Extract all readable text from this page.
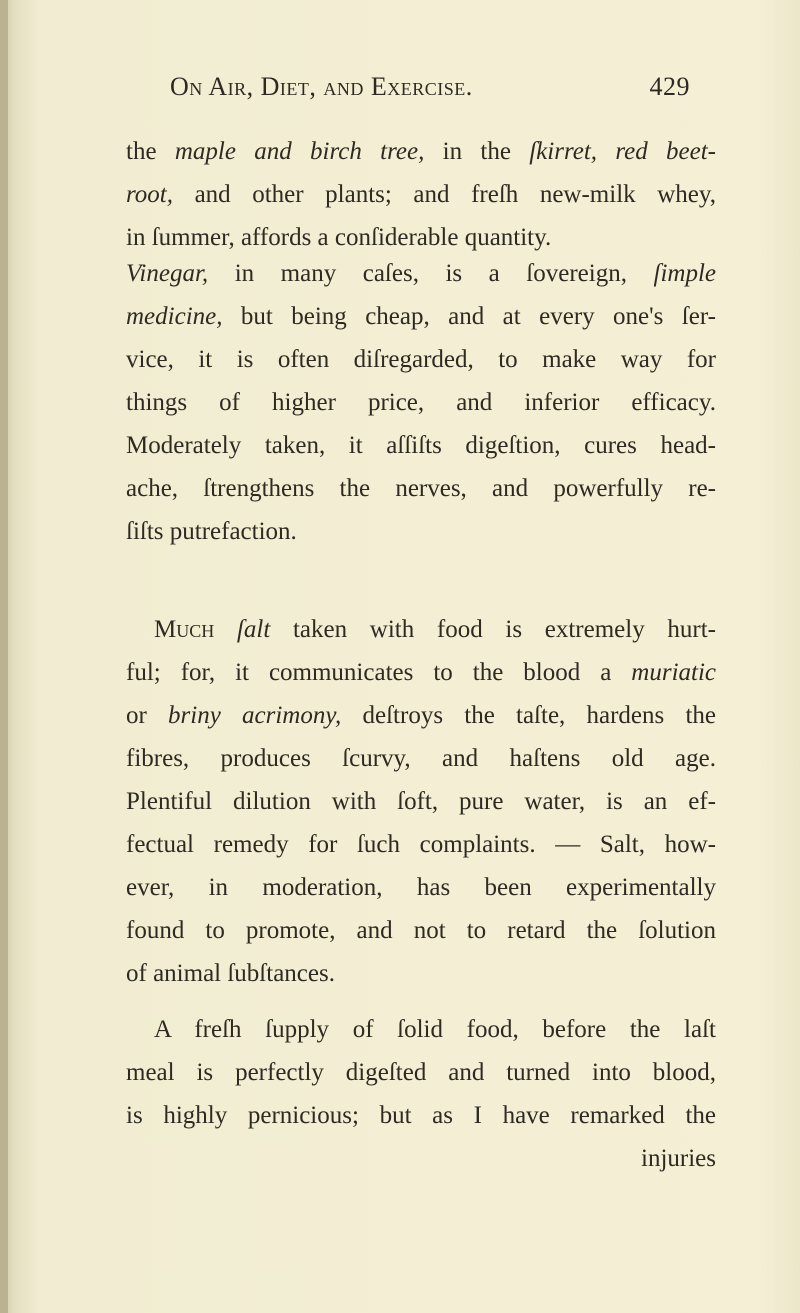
On Air, Diet, and Exercise.	429
the maple and birch tree, in the ſkirret, red beet-
root, and other plants; and freſh new-milk whey,
in ſummer, affords a conſiderable quantity.
Vinegar, in many caſes, is a ſovereign, ſimple
medicine, but being cheap, and at every one's ſer-
vice, it is often diſregarded, to make way for
things of higher price, and inferior efficacy.
Moderately taken, it aſſiſts digeſtion, cures head-
ache, ſtrengthens the nerves, and powerfully re-
ſiſts putrefaction.
Much ſalt taken with food is extremely hurt-
ful; for, it communicates to the blood a muriatic
or briny acrimony, deſtroys the taſte, hardens the
fibres, produces ſcurvy, and haſtens old age.
Plentiful dilution with ſoft, pure water, is an ef-
fectual remedy for ſuch complaints. — Salt, how-
ever, in moderation, has been experimentally
found to promote, and not to retard the ſolution
of animal ſubſtances.
A freſh ſupply of ſolid food, before the laſt
meal is perfectly digeſted and turned into blood,
is highly pernicious; but as I have remarked the
injuries
